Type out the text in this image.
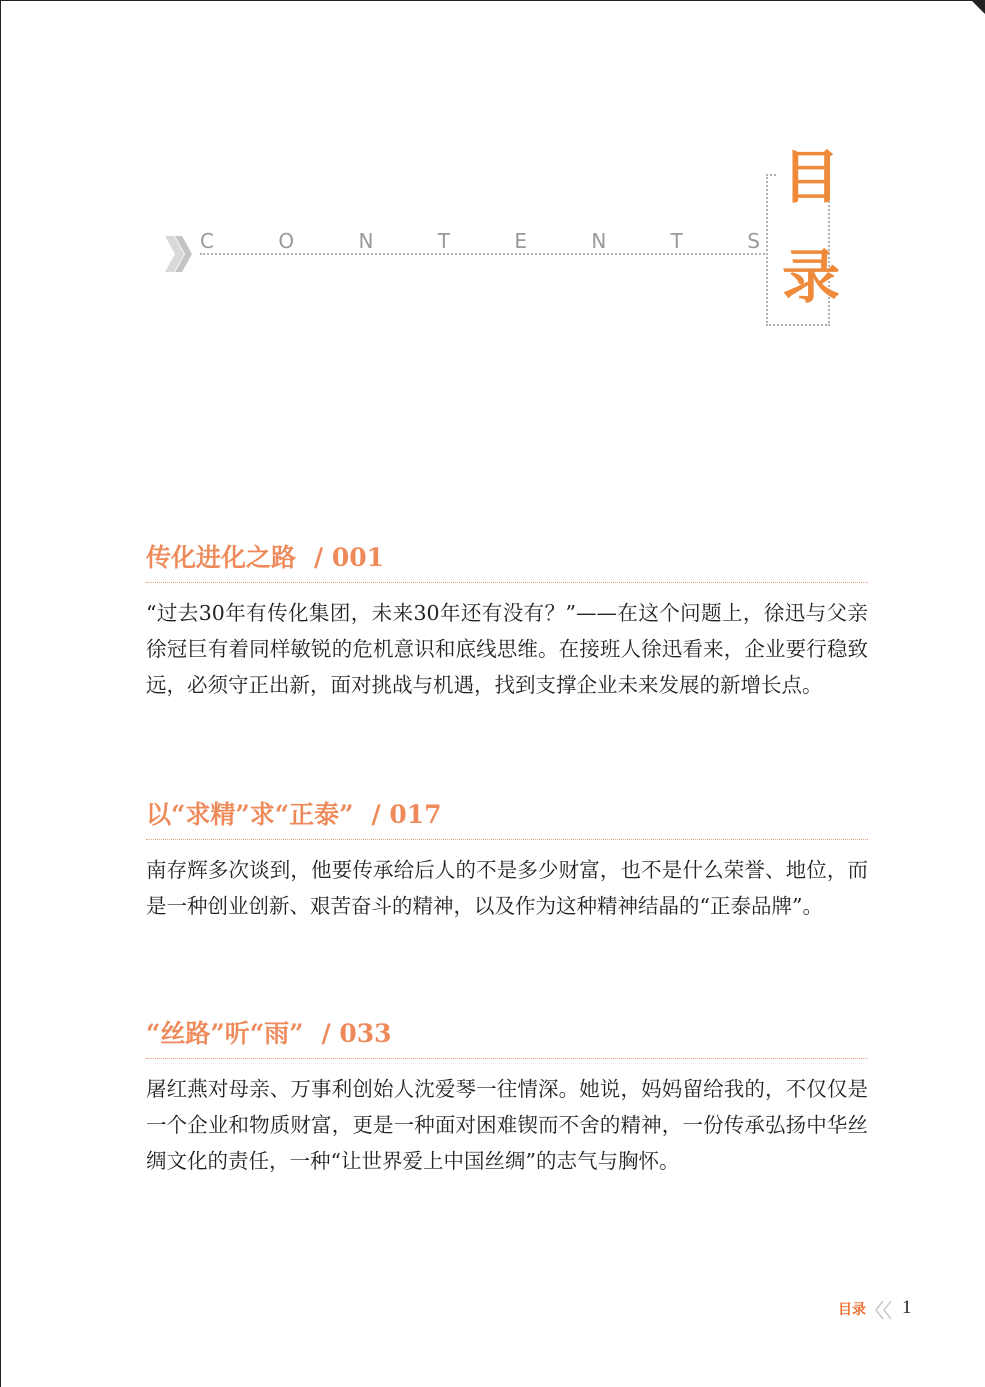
C	O	N	T	E	N	T	S
目
录
传化进化之路 / 001
“过去30年有传化集团，未来30年还有没有？”——在这个问题上，徐迅与父亲徐冠巨有着同样敏锐的危机意识和底线思维。在接班人徐迅看来，企业要行稳致远，必须守正出新，面对挑战与机遇，找到支撑企业未来发展的新增长点。
以“求精”求“正泰” / 017
南存辉多次谈到，他要传承给后人的不是多少财富，也不是什么荣誉、地位，而是一种创业创新、艰苦奋斗的精神，以及作为这种精神结晶的“正泰品牌”。
“丝路”听“雨” / 033
屠红燕对母亲、万事利创始人沈爱琴一往情深。她说，妈妈留给我的，不仅仅是一个企业和物质财富，更是一种面对困难锲而不舍的精神，一份传承弘扬中华丝绸文化的责任，一种“让世界爱上中国丝绸”的志气与胸怀。
目录 1
